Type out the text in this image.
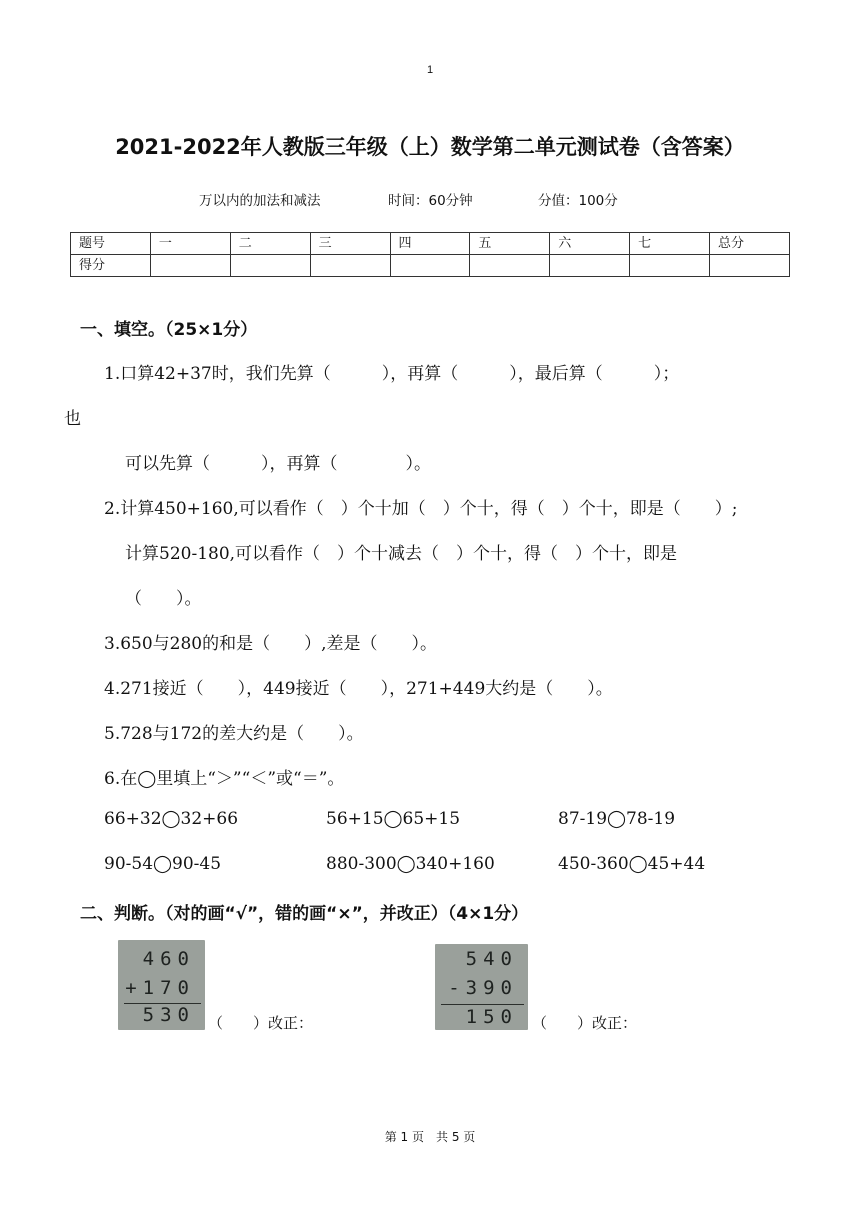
1
2021-2022年人教版三年级（上）数学第二单元测试卷（含答案）
万以内的加法和减法	时间：60分钟	分值：100分
题号	一	二	三	四	五	六	七	总分
得分								
一、填空。（25×1分）
1.口算42+37时，我们先算（　　　），再算（　　　），最后算（　　　）；
也
可以先算（　　　），再算（　　　　）。
2.计算450+160,可以看作（　）个十加（　）个十，得（　）个十，即是（　　）;
计算520-180,可以看作（　）个十减去（　）个十，得（　）个十，即是
（　　）。
3.650与280的和是（　　）,差是（　　）。
4.271接近（　　），449接近（　　），271+449大约是（　　）。
5.728与172的差大约是（　　）。
6.在◯里填上“＞”“＜”或“＝”。
66+32◯32+66	56+15◯65+15	87-19◯78-19
90-54◯90-45	880-300◯340+160	450-360◯45+44
二、判断。（对的画“√”，错的画“×”，并改正）（4×1分）
460
+170
530 （　　）改正：
540
-390
150 （　　）改正：
第 1 页　共 5 页
